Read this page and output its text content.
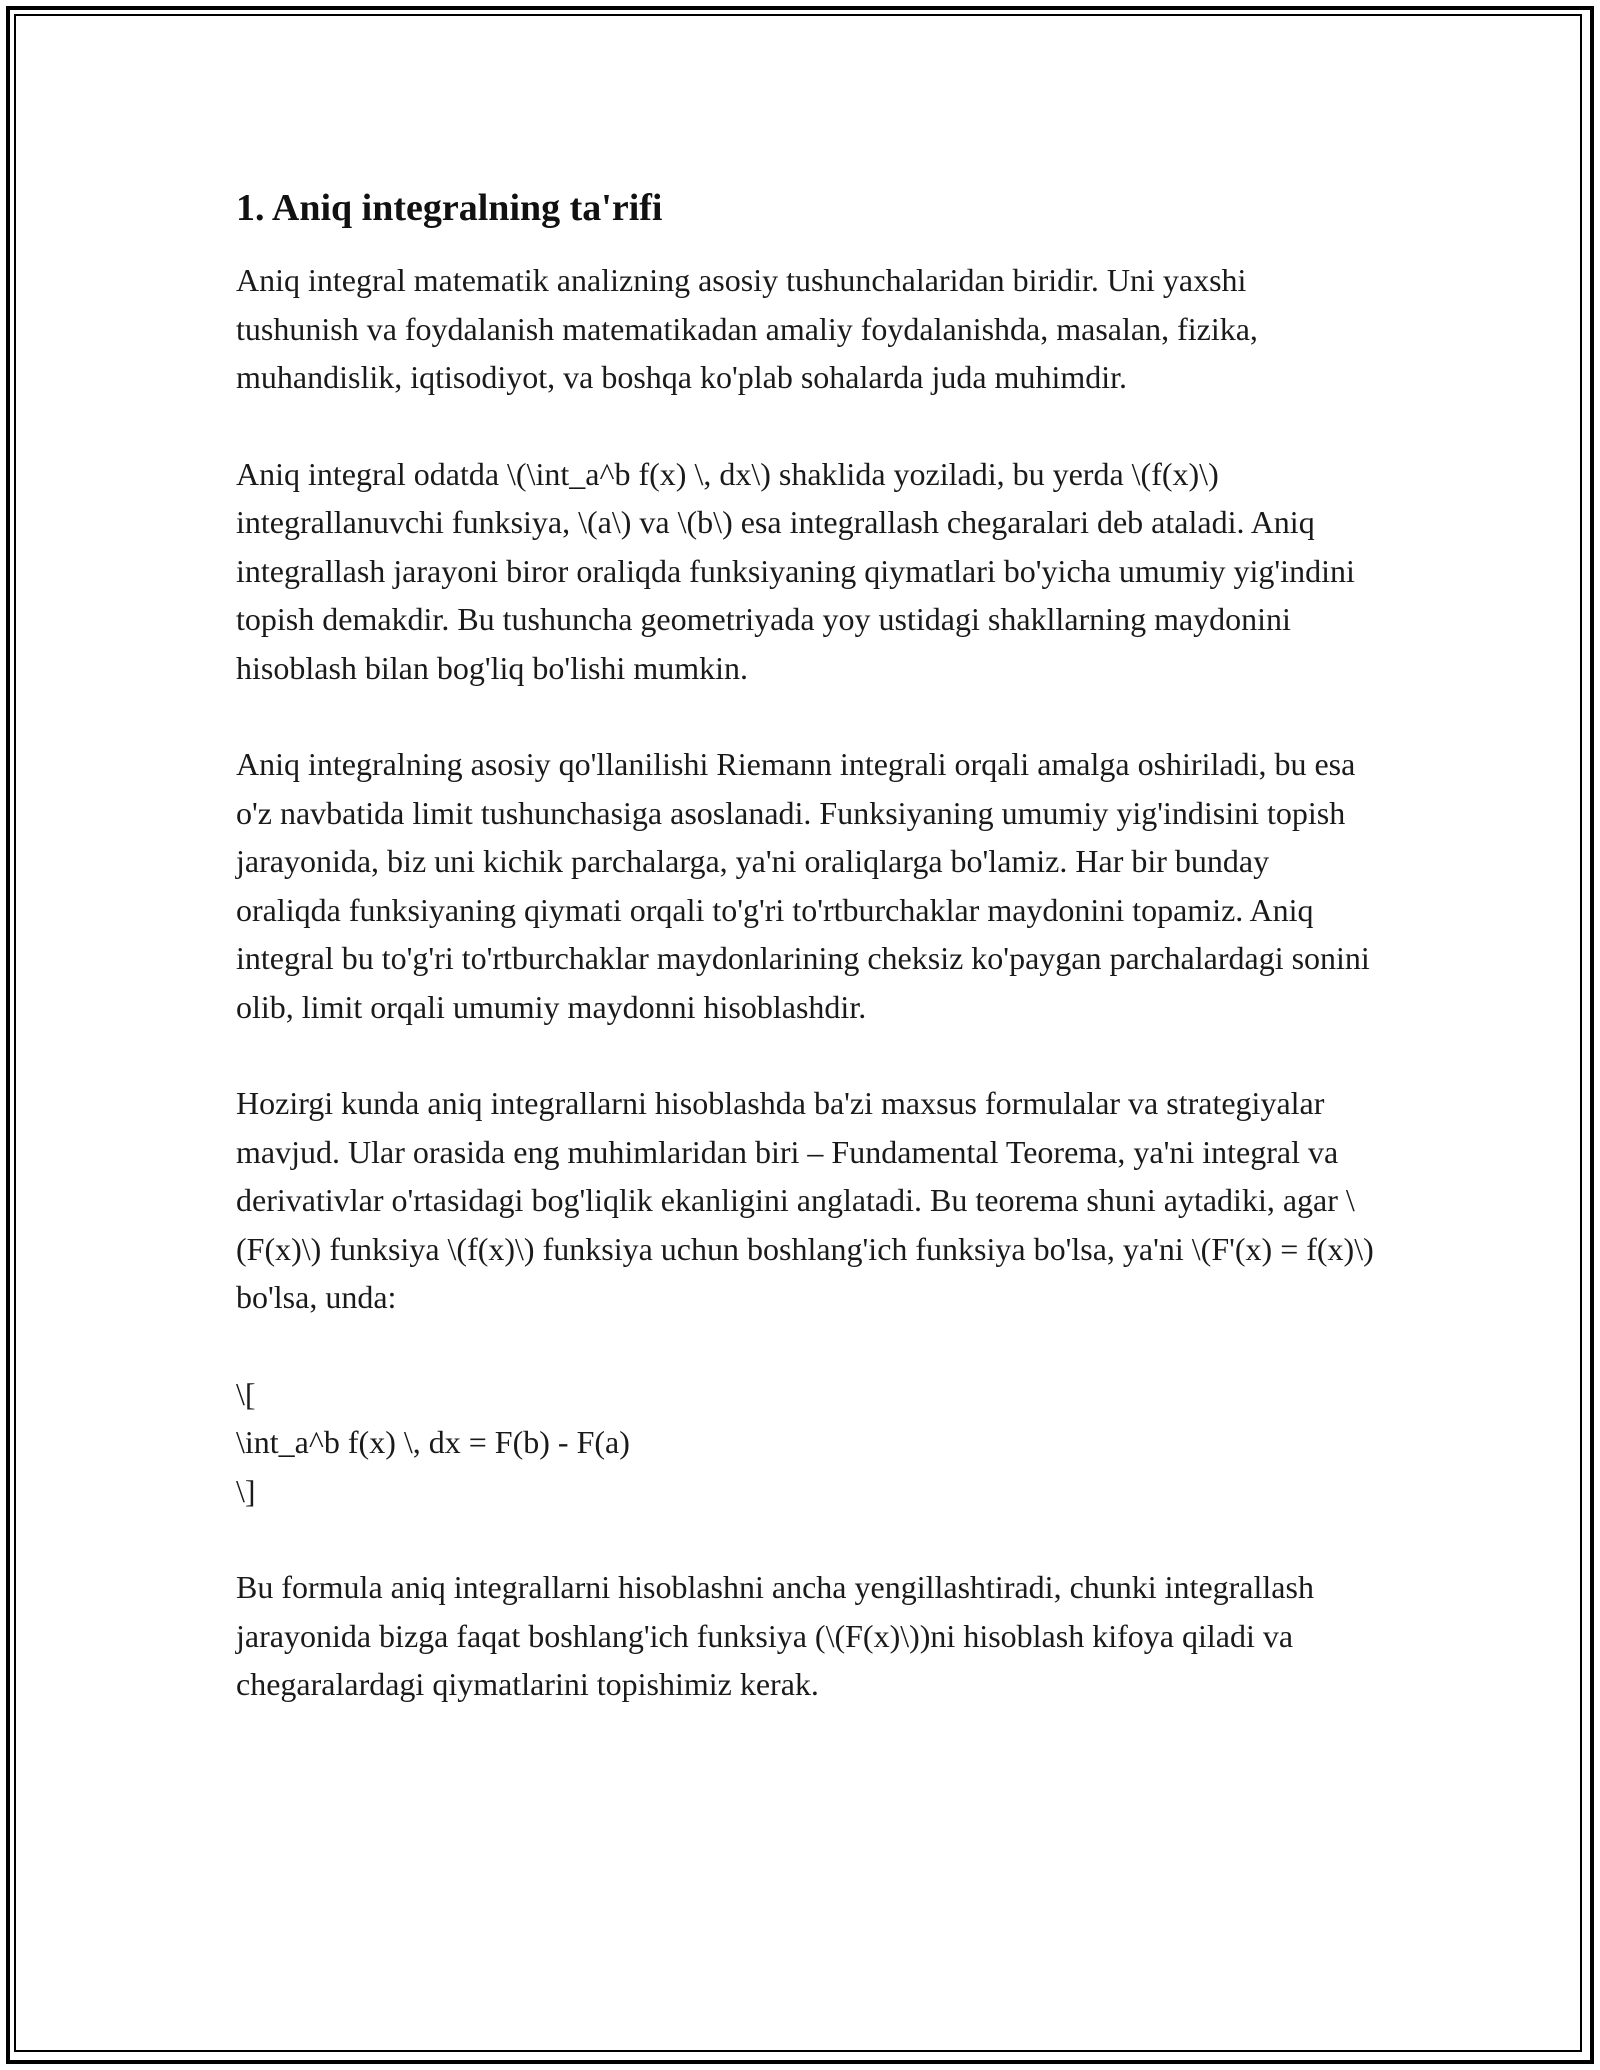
1. Aniq integralning ta'rifi

Aniq integral matematik analizning asosiy tushunchalaridan biridir. Uni yaxshi tushunish va foydalanish matematikadan amaliy foydalanishda, masalan, fizika, muhandislik, iqtisodiyot, va boshqa ko'plab sohalarda juda muhimdir.

Aniq integral odatda \(\int_a^b f(x) \, dx\) shaklida yoziladi, bu yerda \(f(x)\) integrallanuvchi funksiya, \(a\) va \(b\) esa integrallash chegaralari deb ataladi. Aniq integrallash jarayoni biror oraliqda funksiyaning qiymatlari bo'yicha umumiy yig'indini topish demakdir. Bu tushuncha geometriyada yoy ustidagi shakllarning maydonini hisoblash bilan bog'liq bo'lishi mumkin.

Aniq integralning asosiy qo'llanilishi Riemann integrali orqali amalga oshiriladi, bu esa o'z navbatida limit tushunchasiga asoslanadi. Funksiyaning umumiy yig'indisini topish jarayonida, biz uni kichik parchalarga, ya'ni oraliqlarga bo'lamiz. Har bir bunday oraliqda funksiyaning qiymati orqali to'g'ri to'rtburchaklar maydonini topamiz. Aniq integral bu to'g'ri to'rtburchaklar maydonlarining cheksiz ko'paygan parchalardagi sonini olib, limit orqali umumiy maydonni hisoblashdir.

Hozirgi kunda aniq integrallarni hisoblashda ba'zi maxsus formulalar va strategiyalar mavjud. Ular orasida eng muhimlaridan biri – Fundamental Teorema, ya'ni integral va derivativlar o'rtasidagi bog'liqlik ekanligini anglatadi. Bu teorema shuni aytadiki, agar \(F(x)\) funksiya \(f(x)\) funksiya uchun boshlang'ich funksiya bo'lsa, ya'ni \(F'(x) = f(x)\) bo'lsa, unda:

\[
\int_a^b f(x) \, dx = F(b) - F(a)
\]

Bu formula aniq integrallarni hisoblashni ancha yengillashtiradi, chunki integrallash jarayonida bizga faqat boshlang'ich funksiya (\(F(x)\))ni hisoblash kifoya qiladi va chegaralardagi qiymatlarini topishimiz kerak.
